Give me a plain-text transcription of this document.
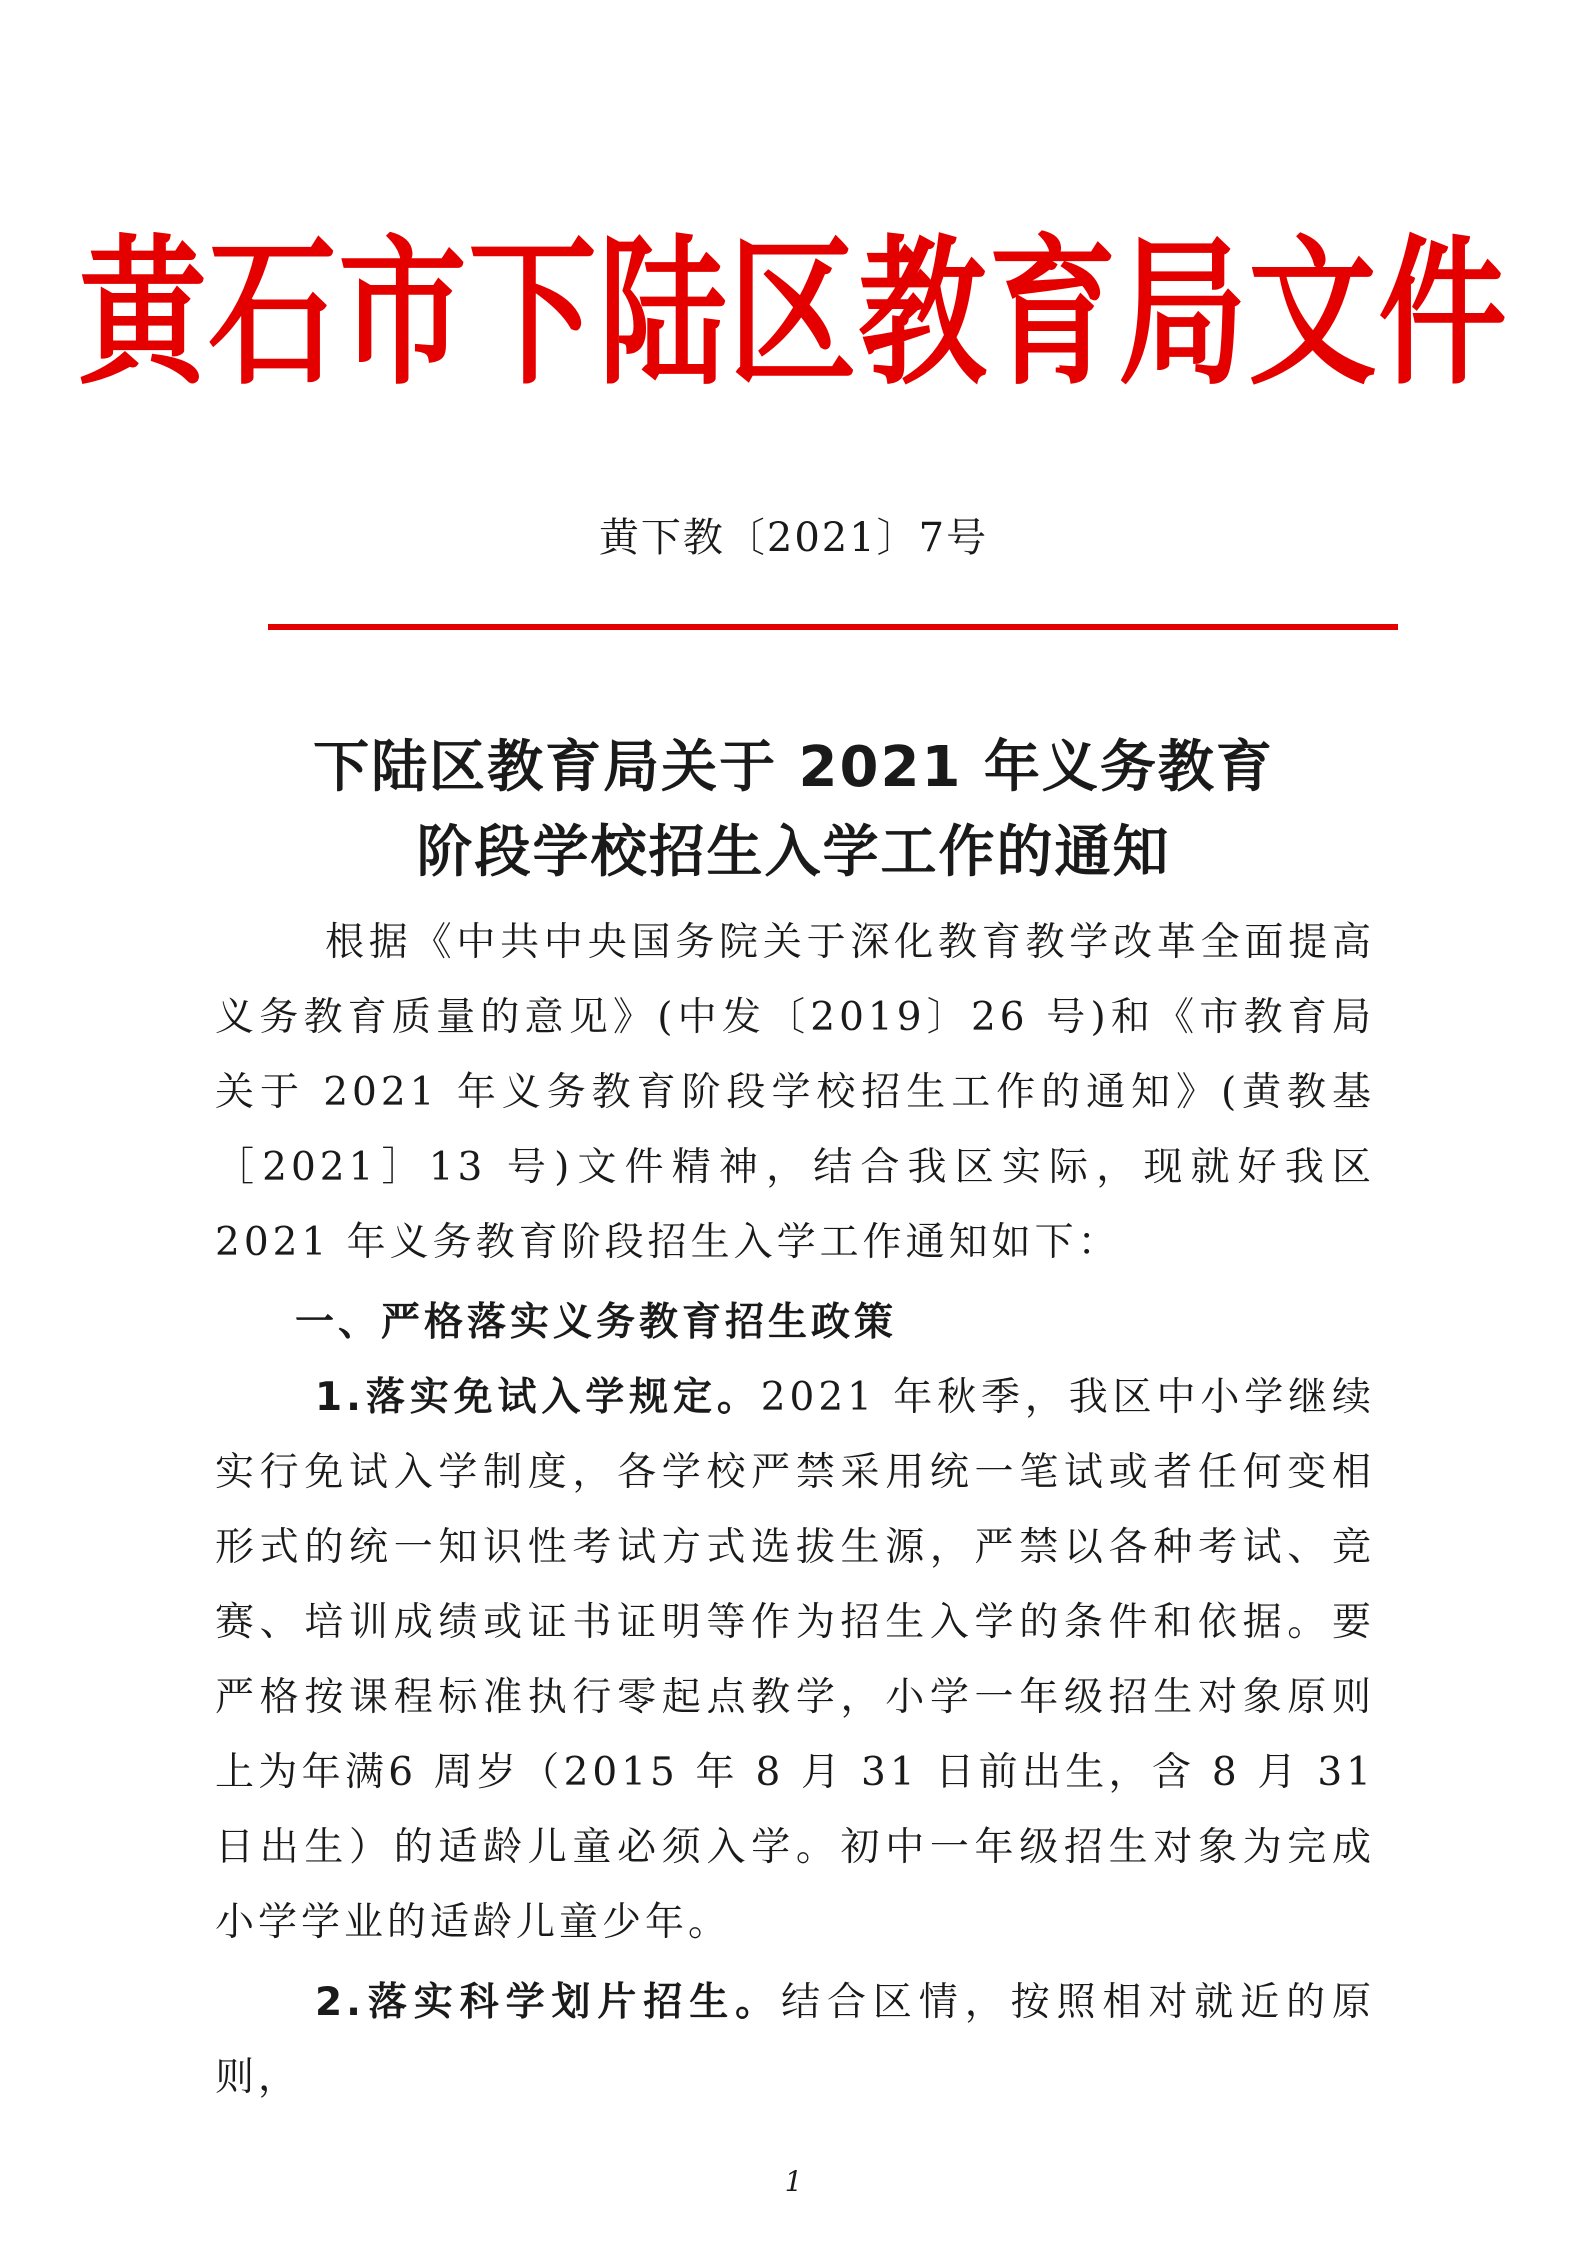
黄石市下陆区教育局文件
黄下教〔2021〕7号
下陆区教育局关于 2021 年义务教育
阶段学校招生入学工作的通知

根据《中共中央国务院关于深化教育教学改革全面提高义务教育质量的意见》(中发〔2019〕26 号)和《市教育局关于 2021 年义务教育阶段学校招生工作的通知》(黄教基［2021］13 号)文件精神，结合我区实际，现就好我区 2021 年义务教育阶段招生入学工作通知如下：

一、严格落实义务教育招生政策

1.落实免试入学规定。2021 年秋季，我区中小学继续实行免试入学制度，各学校严禁采用统一笔试或者任何变相形式的统一知识性考试方式选拔生源，严禁以各种考试、竞赛、培训成绩或证书证明等作为招生入学的条件和依据。要严格按课程标准执行零起点教学，小学一年级招生对象原则上为年满6 周岁（2015 年 8 月 31 日前出生，含 8 月 31 日出生）的适龄儿童必须入学。初中一年级招生对象为完成小学学业的适龄儿童少年。

2.落实科学划片招生。结合区情，按照相对就近的原则，

1
